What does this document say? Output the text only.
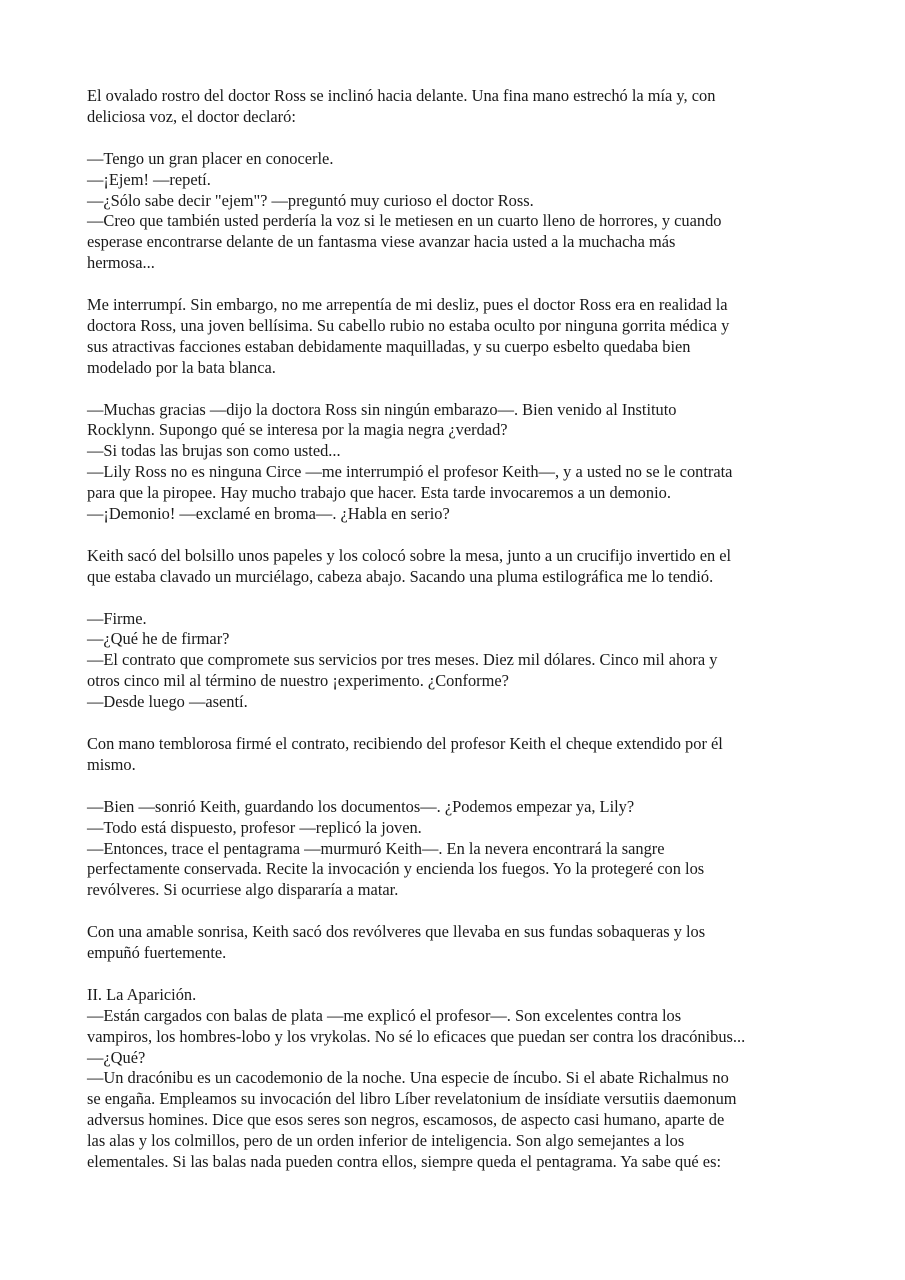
El ovalado rostro del doctor Ross se inclinó hacia delante. Una fina mano estrechó la mía y, con
deliciosa voz, el doctor declaró:

—Tengo un gran placer en conocerle.
—¡Ejem! —repetí.
—¿Sólo sabe decir "ejem"? —preguntó muy curioso el doctor Ross.
—Creo que también usted perdería la voz si le metiesen en un cuarto lleno de horrores, y cuando
esperase encontrarse delante de un fantasma viese avanzar hacia usted a la muchacha más
hermosa...

Me interrumpí. Sin embargo, no me arrepentía de mi desliz, pues el doctor Ross era en realidad la
doctora Ross, una joven bellísima. Su cabello rubio no estaba oculto por ninguna gorrita médica y
sus atractivas facciones estaban debidamente maquilladas, y su cuerpo esbelto quedaba bien
modelado por la bata blanca.

—Muchas gracias —dijo la doctora Ross sin ningún embarazo—. Bien venido al Instituto
Rocklynn. Supongo qué se interesa por la magia negra ¿verdad?
—Si todas las brujas son como usted...
—Lily Ross no es ninguna Circe —me interrumpió el profesor Keith—, y a usted no se le contrata
para que la piropee. Hay mucho trabajo que hacer. Esta tarde invocaremos a un demonio.
—¡Demonio! —exclamé en broma—. ¿Habla en serio?

Keith sacó del bolsillo unos papeles y los colocó sobre la mesa, junto a un crucifijo invertido en el
que estaba clavado un murciélago, cabeza abajo. Sacando una pluma estilográfica me lo tendió.

—Firme.
—¿Qué he de firmar?
—El contrato que compromete sus servicios por tres meses. Diez mil dólares. Cinco mil ahora y
otros cinco mil al término de nuestro ¡experimento. ¿Conforme?
—Desde luego —asentí.

Con mano temblorosa firmé el contrato, recibiendo del profesor Keith el cheque extendido por él
mismo.

—Bien —sonrió Keith, guardando los documentos—. ¿Podemos empezar ya, Lily?
—Todo está dispuesto, profesor —replicó la joven.
—Entonces, trace el pentagrama —murmuró Keith—. En la nevera encontrará la sangre
perfectamente conservada. Recite la invocación y encienda los fuegos. Yo la protegeré con los
revólveres. Si ocurriese algo dispararía a matar.

Con una amable sonrisa, Keith sacó dos revólveres que llevaba en sus fundas sobaqueras y los
empuñó fuertemente.

II. La Aparición.
—Están cargados con balas de plata —me explicó el profesor—. Son excelentes contra los
vampiros, los hombres-lobo y los vrykolas. No sé lo eficaces que puedan ser contra los dracónibus...
—¿Qué?
—Un dracónibu es un cacodemonio de la noche. Una especie de íncubo. Si el abate Richalmus no
se engaña. Empleamos su invocación del libro Líber revelatonium de insídiate versutiis daemonum
adversus homines. Dice que esos seres son negros, escamosos, de aspecto casi humano, aparte de
las alas y los colmillos, pero de un orden inferior de inteligencia. Son algo semejantes a los
elementales. Si las balas nada pueden contra ellos, siempre queda el pentagrama. Ya sabe qué es:
